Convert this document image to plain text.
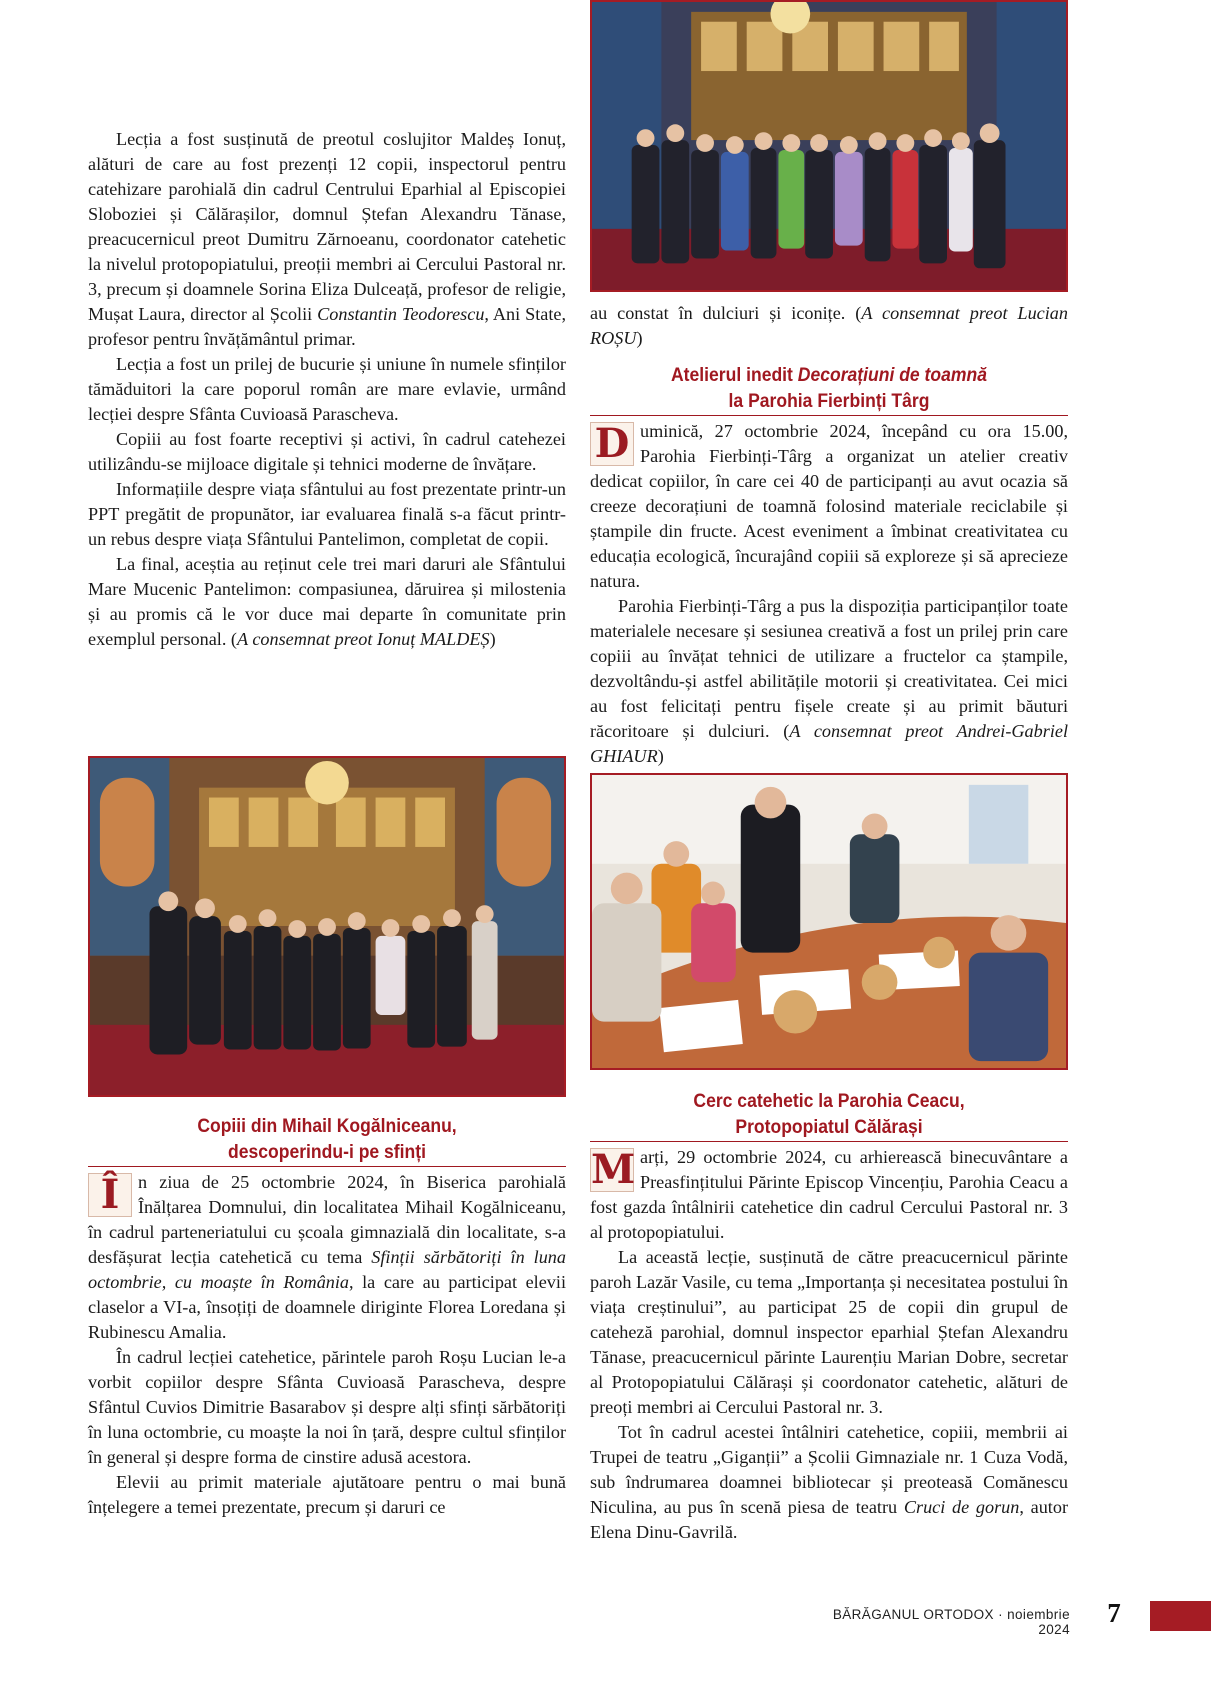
Lecția a fost susținută de preotul coslujitor Maldeș Ionuț, alături de care au fost prezenți 12 copii, inspectorul pentru catehizare parohială din cadrul Centrului Eparhial al Episcopiei Sloboziei și Călărașilor, domnul Ștefan Alexandru Tănase, preacucernicul preot Dumitru Zărnoeanu, coordonator catehetic la nivelul protopopiatului, preoții membri ai Cercului Pastoral nr. 3, precum și doamnele Sorina Eliza Dulceață, profesor de religie, Mușat Laura, director al Școlii Constantin Teodorescu, Ani State, profesor pentru învățământul primar.

Lecția a fost un prilej de bucurie și uniune în numele sfinților tămăduitori la care poporul român are mare evlavie, urmând lecției despre Sfânta Cuvioasă Parascheva.

Copiii au fost foarte receptivi și activi, în cadrul catehezei utilizându-se mijloace digitale și tehnici moderne de învățare.

Informațiile despre viața sfântului au fost prezentate printr-un PPT pregătit de propunător, iar evaluarea finală s-a făcut printr-un rebus despre viața Sfântului Pantelimon, completat de copii.

La final, aceștia au reținut cele trei mari daruri ale Sfântului Mare Mucenic Pantelimon: compasiunea, dăruirea și milostenia și au promis că le vor duce mai departe în comunitate prin exemplul personal. (A consemnat preot Ionuț MALDEȘ)

Copiii din Mihail Kogălniceanu,
descoperindu-i pe sfinți

Î	n ziua de 25 octombrie 2024, în Biserica parohială Înălțarea Domnului, din localitatea Mihail Kogălniceanu, în cadrul parteneriatului cu școala gimnazială din localitate, s-a desfășurat lecția catehetică cu tema Sfinții sărbătoriți în luna octombrie, cu moaște în România, la care au participat elevii claselor a VI-a, însoțiți de doamnele diriginte Florea Loredana și Rubinescu Amalia.

În cadrul lecției catehetice, părintele paroh Roșu Lucian le-a vorbit copiilor despre Sfânta Cuvioasă Parascheva, despre Sfântul Cuvios Dimitrie Basarabov și despre alți sfinți sărbătoriți în luna octombrie, cu moaște la noi în țară, despre cultul sfinților în general și despre forma de cinstire adusă acestora.

Elevii au primit materiale ajutătoare pentru o mai bună înțelegere a temei prezentate, precum și daruri ce

au constat în dulciuri și iconițe. (A consemnat preot Lucian ROȘU)

Atelierul inedit Decorațiuni de toamnă
la Parohia Fierbinți Târg

D uminică, 27 octombrie 2024, începând cu ora 15.00, Parohia Fierbinți-Târg a organizat un atelier creativ dedicat copiilor, în care cei 40 de participanți au avut ocazia să creeze decorațiuni de toamnă folosind materiale reciclabile și ștampile din fructe. Acest eveniment a îmbinat creativitatea cu educația ecologică, încurajând copiii să exploreze și să aprecieze natura.

Parohia Fierbinți-Târg a pus la dispoziția participanților toate materialele necesare și sesiunea creativă a fost un prilej prin care copiii au învățat tehnici de utilizare a fructelor ca ștampile, dezvoltându-și astfel abilitățile motorii și creativitatea. Cei mici au fost felicitați pentru fișele create și au primit băuturi răcoritoare și dulciuri. (A consemnat preot Andrei-Gabriel GHIAUR)

Cerc catehetic la Parohia Ceacu,
Protopopiatul Călărași

M arți, 29 octombrie 2024, cu arhierească binecuvântare a Preasfințitului Părinte Episcop Vincențiu, Parohia Ceacu a fost gazda întâlnirii catehetice din cadrul Cercului Pastoral nr. 3 al protopopiatului.

La această lecție, susținută de către preacucernicul părinte paroh Lazăr Vasile, cu tema „Importanța și necesitatea postului în viața creștinului”, au participat 25 de copii din grupul de cateheză parohial, domnul inspector eparhial Ștefan Alexandru Tănase, preacucernicul părinte Laurențiu Marian Dobre, secretar al Protopopiatului Călărași și coordonator catehetic, alături de preoți membri ai Cercului Pastoral nr. 3.

Tot în cadrul acestei întâlniri catehetice, copiii, membrii ai Trupei de teatru „Giganții” a Școlii Gimnaziale nr. 1 Cuza Vodă, sub îndrumarea doamnei bibliotecar și preoteasă Comănescu Niculina, au pus în scenă piesa de teatru Cruci de gorun, autor Elena Dinu-Gavrilă.

BĂRĂGANUL ORTODOX · noiembrie 2024
7
